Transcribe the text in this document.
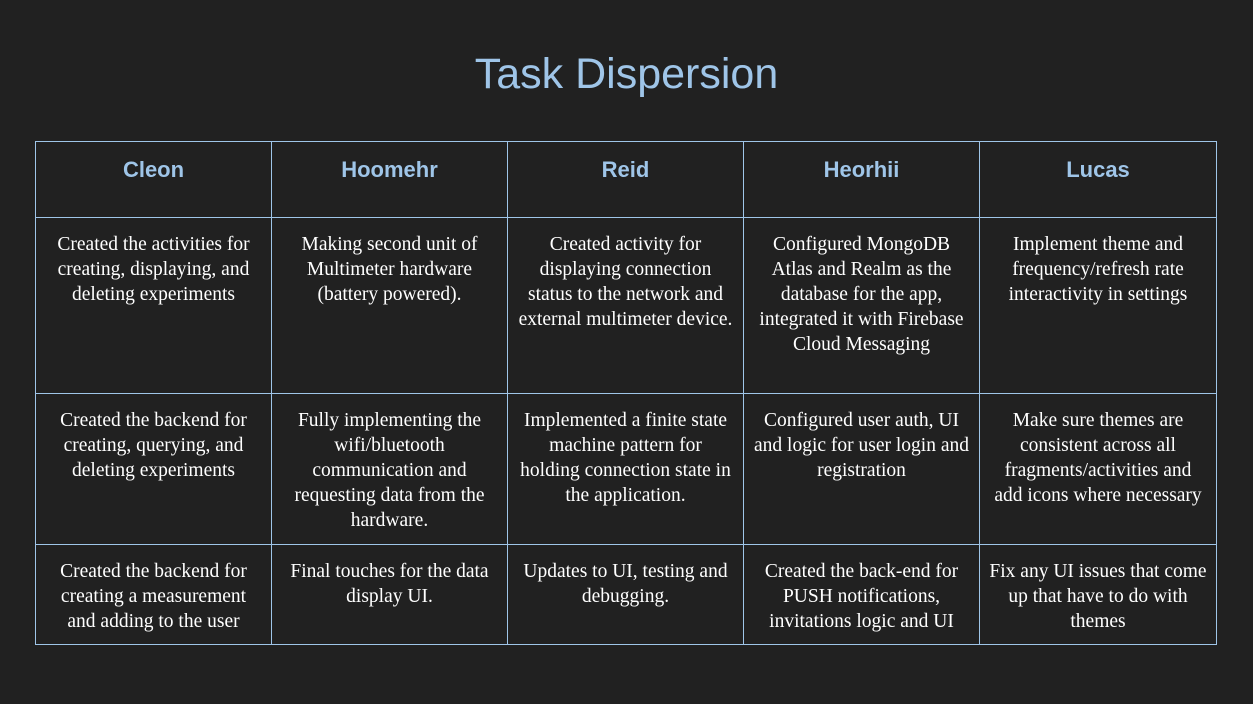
Task Dispersion
Cleon	Hoomehr	Reid	Heorhii	Lucas
Created the activities for creating, displaying, and deleting experiments	Making second unit of Multimeter hardware (battery powered).	Created activity for displaying connection status to the network and external multimeter device.	Configured MongoDB Atlas and Realm as the database for the app, integrated it with Firebase Cloud Messaging	Implement theme and frequency/refresh rate interactivity in settings
Created the backend for creating, querying, and deleting experiments	Fully implementing the wifi/bluetooth communication and requesting data from the hardware.	Implemented a finite state machine pattern for holding connection state in the application.	Configured user auth, UI and logic for user login and registration	Make sure themes are consistent across all fragments/activities and add icons where necessary
Created the backend for creating a measurement and adding to the user	Final touches for the data display UI.	Updates to UI, testing and debugging.	Created the back-end for PUSH notifications, invitations logic and UI	Fix any UI issues that come up that have to do with themes
